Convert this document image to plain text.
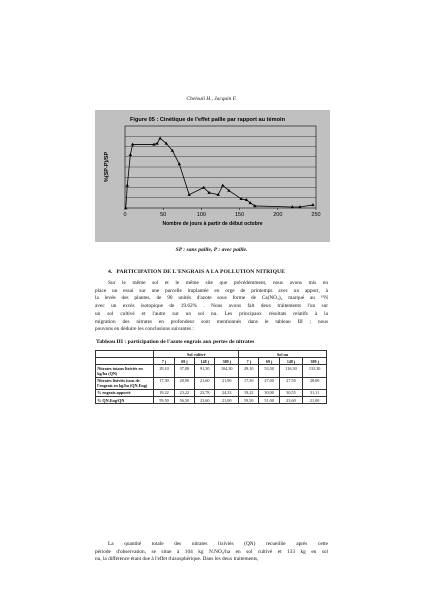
Chelouli H., Jacquin F.
0	50	100	150	200	250
Figure 05 : Cinétique de l'effet paille par rapport au témoin
Nombre de jours à partir de début octobre
%(SP-P)/SP
SP : sans paille, P : avec paille.
4. PARTICIPATION DE L'ENGRAIS A LA POLLUTION NITRIQUE
Sur le même sol et le même site que précédemment, nous avons mis en
place un essai sur une parcelle implantée en orge de printemps avec un apport, à
la levée des plantes, de 90 unités d'azote sous forme de Ca(NO₃)₂ marqué au ¹⁵N
avec un excès isotopique de 19.62% . Nous avons fait deux traitements l'un sur
un sol cultivé et l'autre sur un sol nu. Les principaux résultats relatifs à la
migration des nitrates en profondeur sont mentionnés dans le tableau III ; nous
pouvons en déduire les conclusions suivantes :
Tableau III : participation de l'azote engrais aux pertes de nitrates
	Sol cultivé				Sol nu			
	7 j	69 j	148 j	309 j	7 j	69 j	148 j	309 j
Nitrates totaux lixiviés en kg/ha (QN)	29,10	37,00	91,30	104,30	29,10	53,50	116,30	133,30
Nitrates lixiviés issus de l'engrais en kg/ha (QN.Eng)	17,30	20,90	21,60	21,90	17,30	27,00	27,50	28,00
% engrais apporté	19,22	23,22	23,78	24,33	19,22	30,00	30,55	31,11
% QN.Eng/QN	59,50	56,50	23,60	21,00	59,50	51,00	23,60	21,00
La quantité totale des nitrates lixiviés (QN) recueillie après cette
période d'observation, se situe à 104 kg N.NO₃/ha en sol cultivé et 133 kg en sol
nu, la différence étant due à l'effet rhizosphérique. Dans les deux traitements,
